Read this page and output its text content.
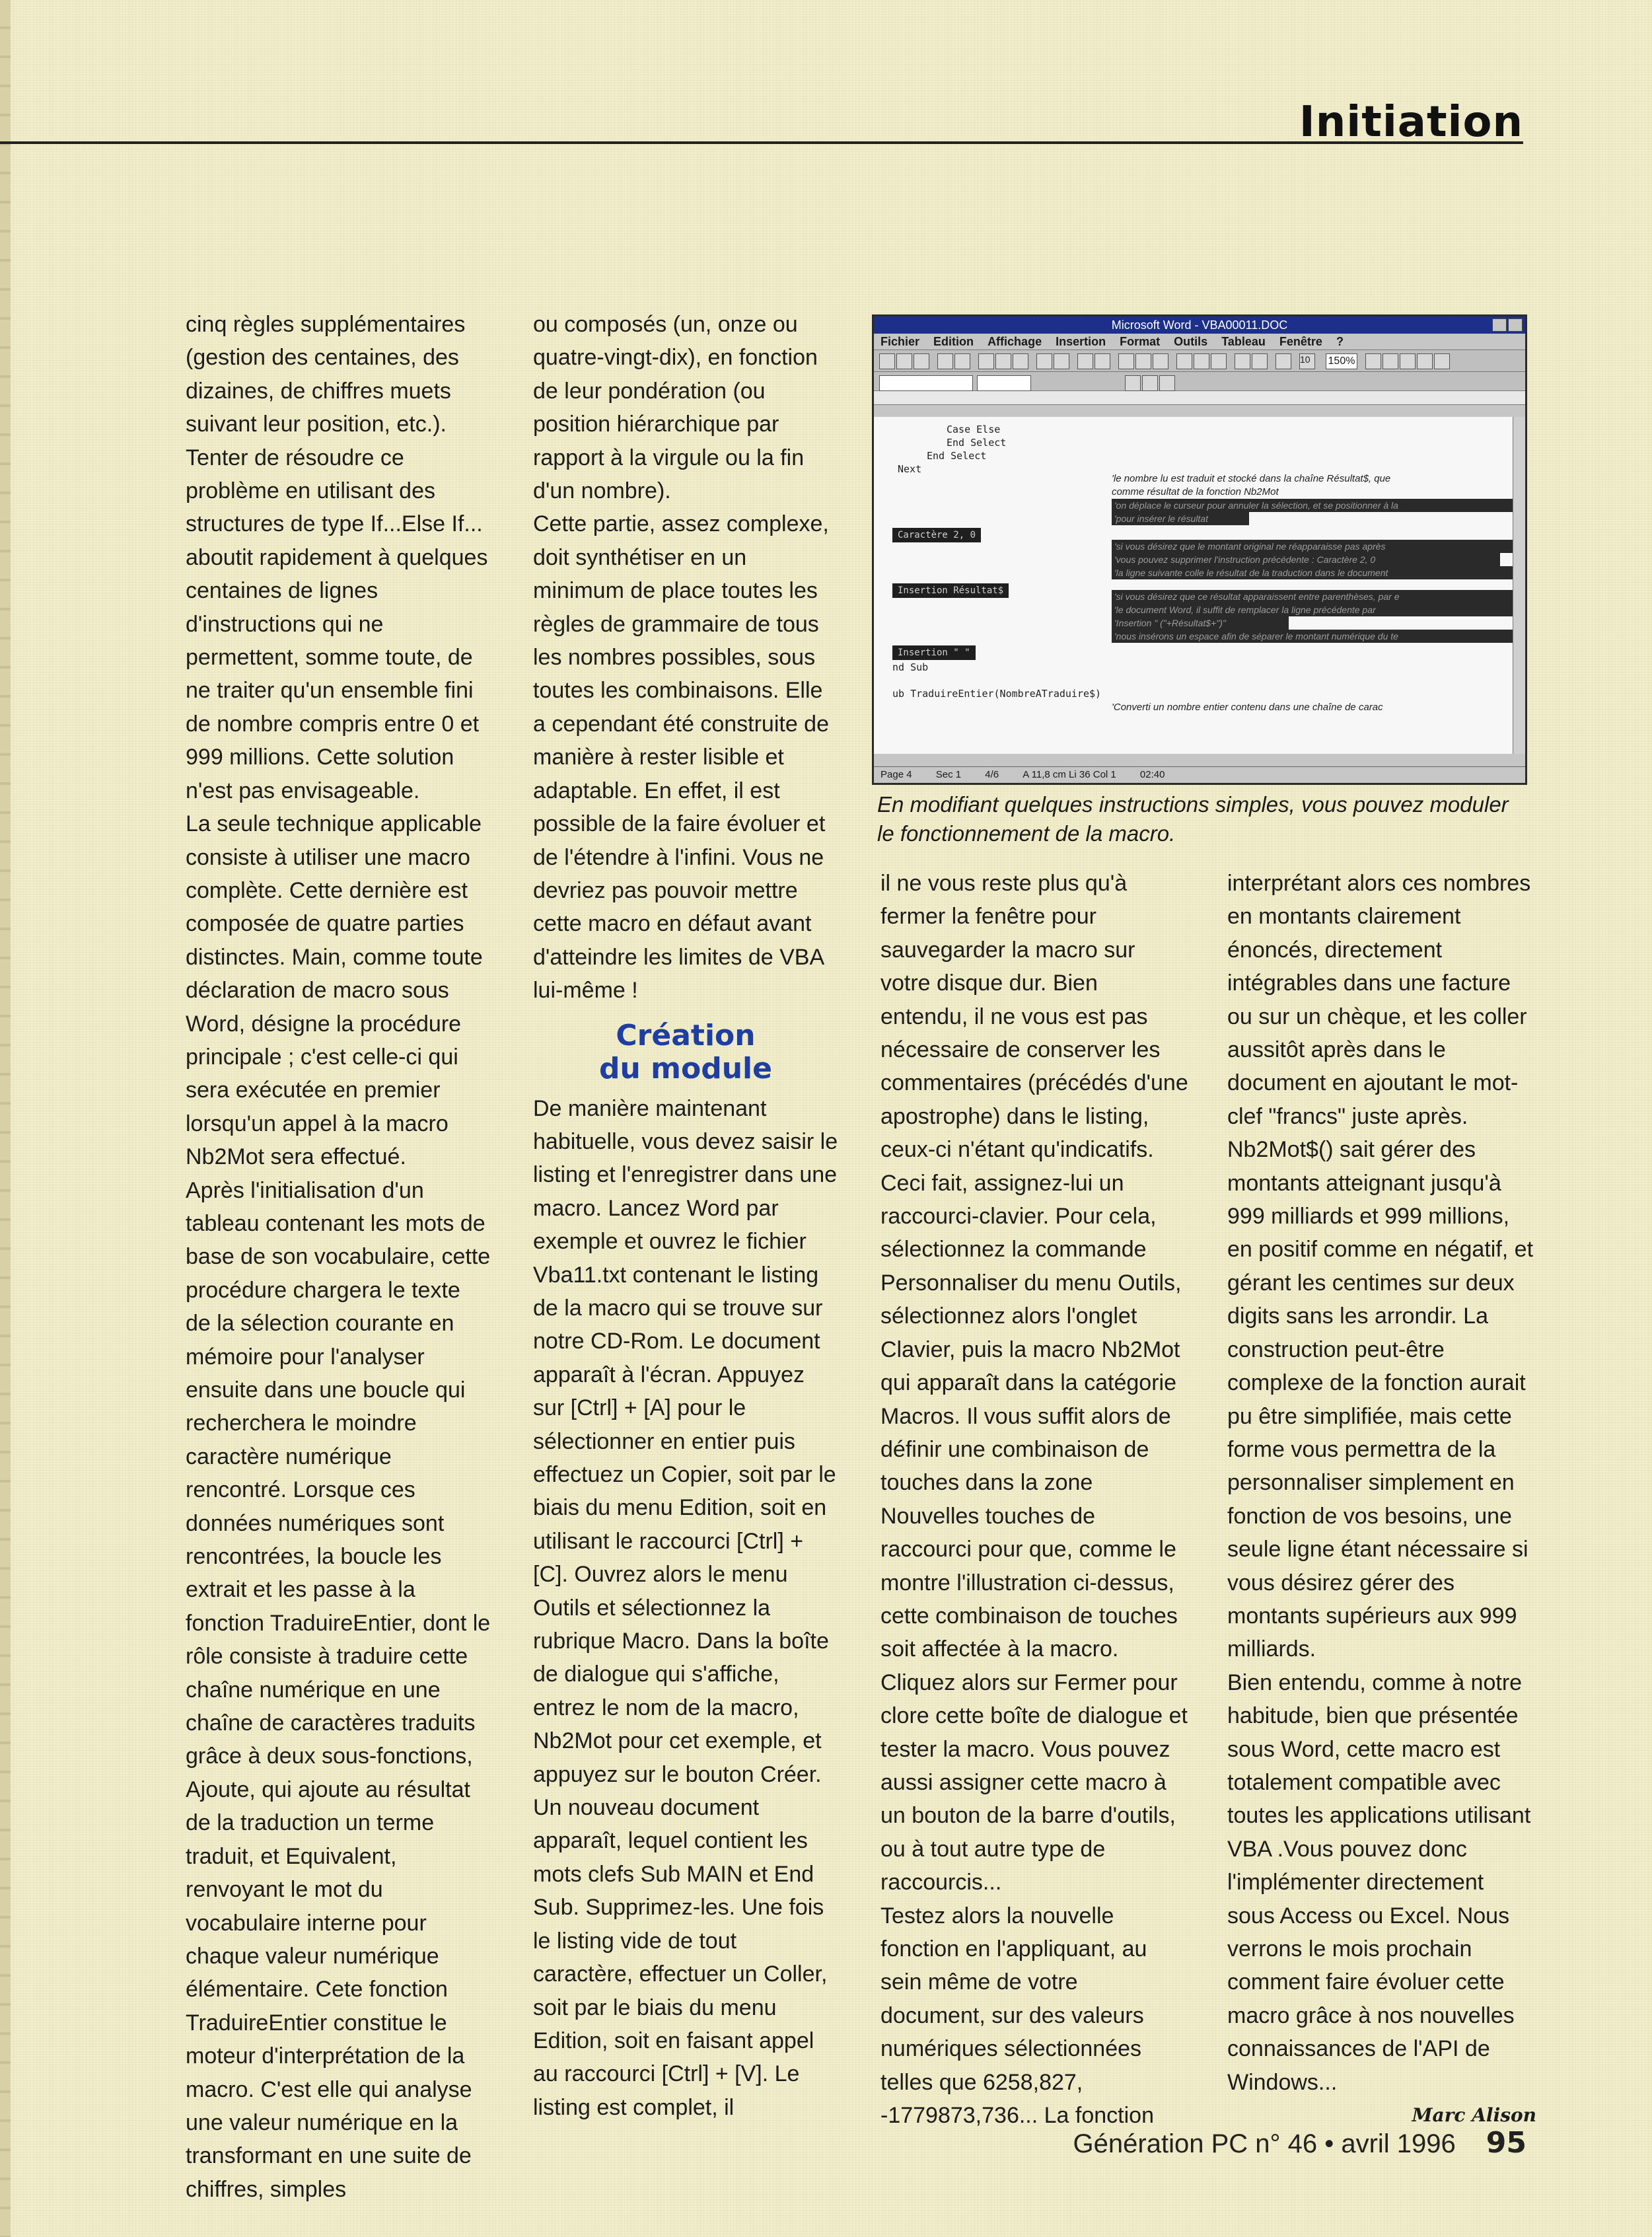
Initiation

cinq règles supplémentaires (gestion des centaines, des dizaines, de chiffres muets suivant leur position, etc.). Tenter de résoudre ce problème en utilisant des structures de type If...Else If... aboutit rapidement à quelques centaines de lignes d'instructions qui ne permettent, somme toute, de ne traiter qu'un ensemble fini de nombre compris entre 0 et 999 millions. Cette solution n'est pas envisageable.

La seule technique applicable consiste à utiliser une macro complète. Cette dernière est composée de quatre parties distinctes. Main, comme toute déclaration de macro sous Word, désigne la procédure principale ; c'est celle-ci qui sera exécutée en premier lorsqu'un appel à la macro Nb2Mot sera effectué.

Après l'initialisation d'un tableau contenant les mots de base de son vocabulaire, cette procédure chargera le texte de la sélection courante en mémoire pour l'analyser ensuite dans une boucle qui recherchera le moindre caractère numérique rencontré. Lorsque ces données numériques sont rencontrées, la boucle les extrait et les passe à la fonction TraduireEntier, dont le rôle consiste à traduire cette chaîne numérique en une chaîne de caractères traduits grâce à deux sous-fonctions, Ajoute, qui ajoute au résultat de la traduction un terme traduit, et Equivalent, renvoyant le mot du vocabulaire interne pour chaque valeur numérique élémentaire. Cete fonction TraduireEntier constitue le moteur d'interprétation de la macro. C'est elle qui analyse une valeur numérique en la transformant en une suite de chiffres, simples

ou composés (un, onze ou quatre-vingt-dix), en fonction de leur pondération (ou position hiérarchique par rapport à la virgule ou la fin d'un nombre).

Cette partie, assez complexe, doit synthétiser en un minimum de place toutes les règles de grammaire de tous les nombres possibles, sous toutes les combinaisons. Elle a cependant été construite de manière à rester lisible et adaptable. En effet, il est possible de la faire évoluer et de l'étendre à l'infini. Vous ne devriez pas pouvoir mettre cette macro en défaut avant d'atteindre les limites de VBA lui-même !

Création
du module

De manière maintenant habituelle, vous devez saisir le listing et l'enregistrer dans une macro. Lancez Word par exemple et ouvrez le fichier Vba11.txt contenant le listing de la macro qui se trouve sur notre CD-Rom. Le document apparaît à l'écran. Appuyez sur [Ctrl] + [A] pour le sélectionner en entier puis effectuez un Copier, soit par le biais du menu Edition, soit en utilisant le raccourci [Ctrl] + [C]. Ouvrez alors le menu Outils et sélectionnez la rubrique Macro. Dans la boîte de dialogue qui s'affiche, entrez le nom de la macro, Nb2Mot pour cet exemple, et appuyez sur le bouton Créer.

Un nouveau document apparaît, lequel contient les mots clefs Sub MAIN et End Sub. Supprimez-les. Une fois le listing vide de tout caractère, effectuer un Coller, soit par le biais du menu Edition, soit en faisant appel au raccourci [Ctrl] + [V]. Le listing est complet, il

Microsoft Word - VBA00011.DOC
Fichier Edition Affichage Insertion Format Outils Tableau Fenêtre ?
10	150%
Case Else
End Select
End Select
Next
'le nombre lu est traduit et stocké dans la chaîne Résultat$, que
comme résultat de la fonction Nb2Mot
'on déplace le curseur pour annuler la sélection, et se positionner à la
'pour insérer le résultat
Caractère 2, 0
'si vous désirez que le montant original ne réapparaisse pas après
'vous pouvez supprimer l'instruction précédente : Caractère 2, 0
'la ligne suivante colle le résultat de la traduction dans le document
Insertion Résultat$
'si vous désirez que ce résultat apparaissent entre parenthèses, par e
'le document Word, il suffit de remplacer la ligne précédente par
'Insertion " ("+Résultat$+")"
'nous insérons un espace afin de séparer le montant numérique du te
Insertion " "
nd Sub
ub TraduireEntier(NombreATraduire$)
'Converti un nombre entier contenu dans une chaîne de carac
Page 4 Sec 1 4/6 A 11,8 cm Li 36 Col 1 02:40
En modifiant quelques instructions simples, vous pouvez moduler le fonctionnement de la macro.

il ne vous reste plus qu'à fermer la fenêtre pour sauvegarder la macro sur votre disque dur. Bien entendu, il ne vous est pas nécessaire de conserver les commentaires (précédés d'une apostrophe) dans le listing, ceux-ci n'étant qu'indicatifs.

Ceci fait, assignez-lui un raccourci-clavier. Pour cela, sélectionnez la commande Personnaliser du menu Outils, sélectionnez alors l'onglet Clavier, puis la macro Nb2Mot qui apparaît dans la catégorie Macros. Il vous suffit alors de définir une combinaison de touches dans la zone Nouvelles touches de raccourci pour que, comme le montre l'illustration ci-dessus, cette combinaison de touches soit affectée à la macro. Cliquez alors sur Fermer pour clore cette boîte de dialogue et tester la macro. Vous pouvez aussi assigner cette macro à un bouton de la barre d'outils, ou à tout autre type de raccourcis...

Testez alors la nouvelle fonction en l'appliquant, au sein même de votre document, sur des valeurs numériques sélectionnées telles que 6258,827, -1779873,736... La fonction

interprétant alors ces nombres en montants clairement énoncés, directement intégrables dans une facture ou sur un chèque, et les coller aussitôt après dans le document en ajoutant le mot-clef "francs" juste après.

Nb2Mot$() sait gérer des montants atteignant jusqu'à 999 milliards et 999 millions, en positif comme en négatif, et gérant les centimes sur deux digits sans les arrondir. La construction peut-être complexe de la fonction aurait pu être simplifiée, mais cette forme vous permettra de la personnaliser simplement en fonction de vos besoins, une seule ligne étant nécessaire si vous désirez gérer des montants supérieurs aux 999 milliards.

Bien entendu, comme à notre habitude, bien que présentée sous Word, cette macro est totalement compatible avec toutes les applications utilisant VBA .Vous pouvez donc l'implémenter directement sous Access ou Excel. Nous verrons le mois prochain comment faire évoluer cette macro grâce à nos nouvelles connaissances de l'API de Windows...

Marc Alison
Génération PC n° 46 • avril 1996 95
